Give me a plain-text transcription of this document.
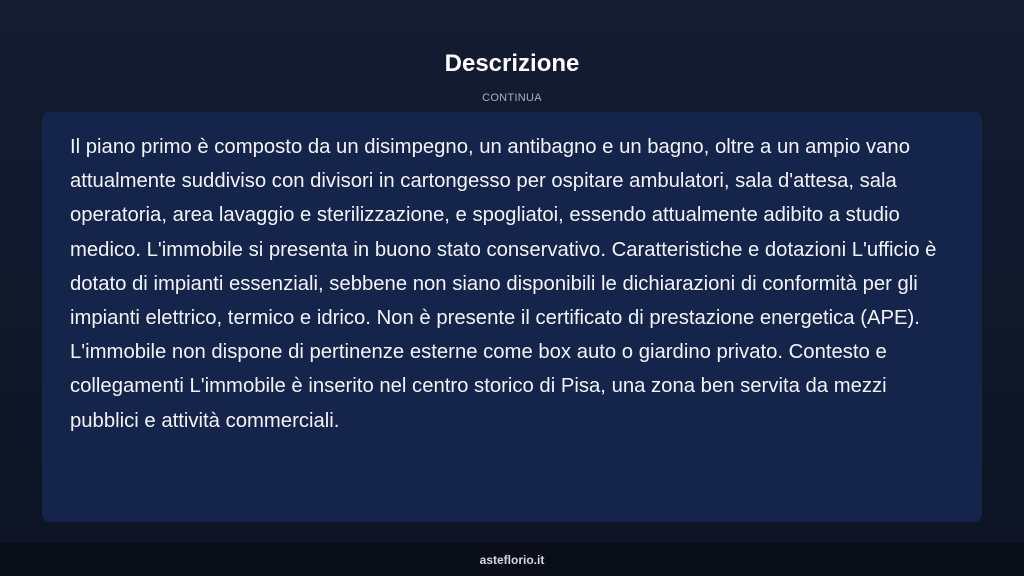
Descrizione
CONTINUA

Il piano primo è composto da un disimpegno, un antibagno e un bagno, oltre a un ampio vano attualmente suddiviso con divisori in cartongesso per ospitare ambulatori, sala d'attesa, sala operatoria, area lavaggio e sterilizzazione, e spogliatoi, essendo attualmente adibito a studio medico. L'immobile si presenta in buono stato conservativo. Caratteristiche e dotazioni L'ufficio è dotato di impianti essenziali, sebbene non siano disponibili le dichiarazioni di conformità per gli impianti elettrico, termico e idrico. Non è presente il certificato di prestazione energetica (APE). L'immobile non dispone di pertinenze esterne come box auto o giardino privato. Contesto e collegamenti L'immobile è inserito nel centro storico di Pisa, una zona ben servita da mezzi pubblici e attività commerciali.

asteflorio.it
